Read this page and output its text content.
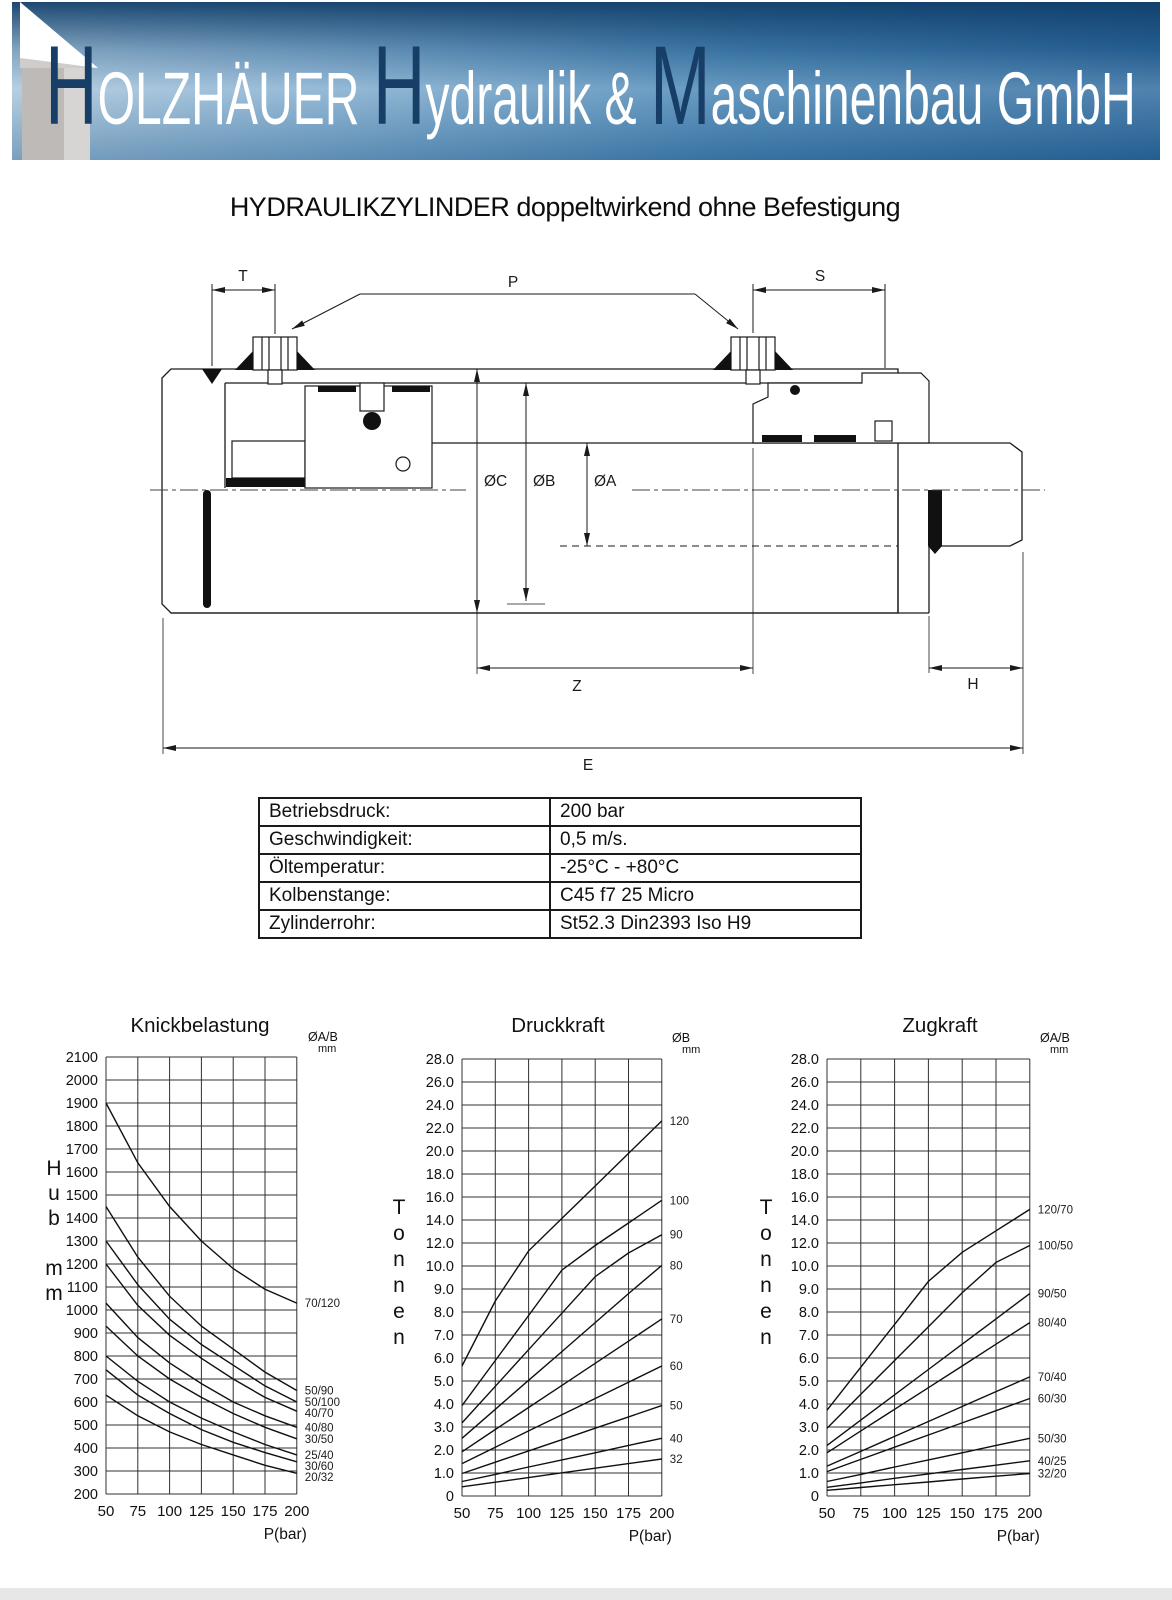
HOLZHÄUER Hydraulik & Maschinenbau GmbH
HYDRAULIKZYLINDER doppeltwirkend ohne Befestigung
T	P	S
ØC ØB ØA
Z	H
E
Betriebsdruck:	200 bar
Geschwindigkeit:	0,5 m/s.
Öltemperatur:	-25°C - +80°C
Kolbenstange:	C45 f7 25 Micro
Zylinderrohr:	St52.3 Din2393 Iso H9
2100
2000
1900
1800
1700
1600
1500
1400
1300
1200
1100
1000
900
800
700
600
500
400
300
200
50 75 100 125 150 175 200
P(bar)
Knickbelastung	ØA/B
mm
H
u
b
m
m	70/120
50/90
50/100
40/70
40/80
30/50
25/40
30/60
20/32
28.0
26.0
24.0
22.0
20.0
18.0
16.0
14.0
12.0
10.0
9.0
8.0
7.0
6.0
5.0
4.0
3.0
2.0
1.0
0
50 75 100 125 150 175 200
P(bar)
Druckkraft
ØB
mm
T
o
n
n
e
n
120
100
90
80
70
60
50
40
32
28.0
26.0
24.0
22.0
20.0
18.0
16.0
14.0
12.0
10.0
9.0
8.0
7.0
6.0
5.0
4.0
3.0
2.0
1.0
0
50 75 100 125 150 175 200
P(bar)
Zugkraft
ØA/B
mm
T
o
n
n
e
n
120/70
100/50
90/50
80/40
70/40
60/30
50/30
40/25
32/20
